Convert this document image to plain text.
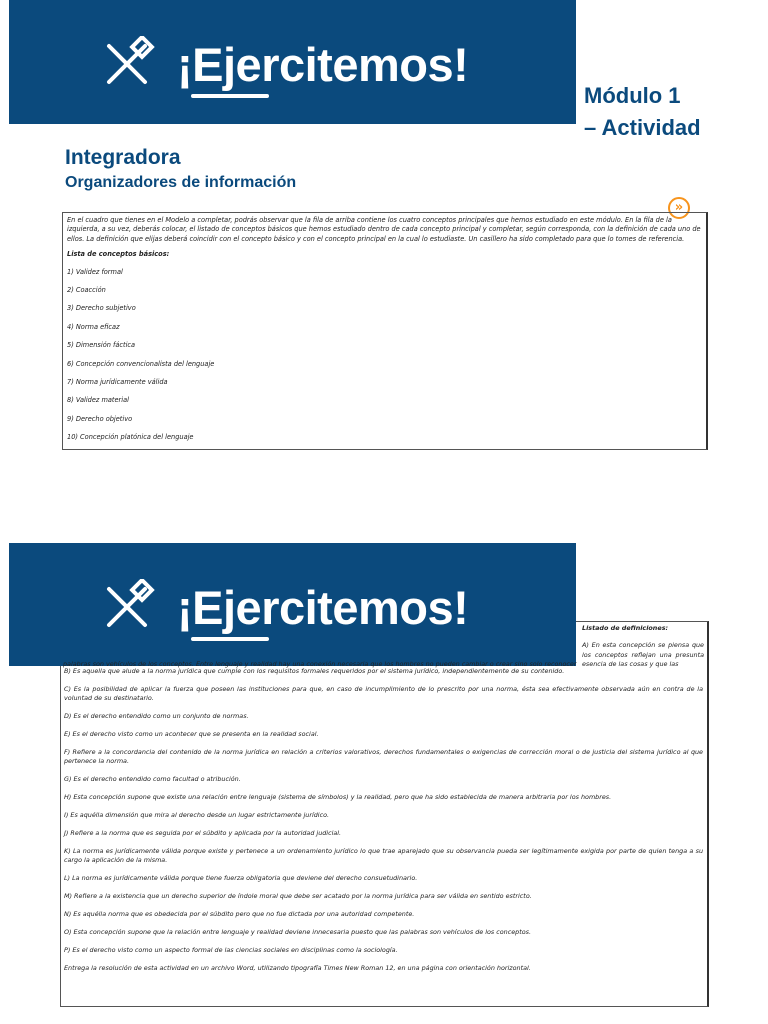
¡Ejercitemos!
Módulo 1
– Actividad
Integradora
Organizadores de información
»

En el cuadro que tienes en el Modelo a completar, podrás observar que la fila de arriba contiene los cuatro conceptos principales que hemos estudiado en este módulo. En la fila de la izquierda, a su vez, deberás colocar, el listado de conceptos básicos que hemos estudiado dentro de cada concepto principal y completar, según corresponda, con la definición de cada uno de ellos. La definición que elijas deberá coincidir con el concepto básico y con el concepto principal en la cual lo estudiaste. Un casillero ha sido completado para que lo tomes de referencia.

Lista de conceptos básicos:

1) Validez formal

2) Coacción

3) Derecho subjetivo

4) Norma eficaz

5) Dimensión fáctica

6) Concepción convencionalista del lenguaje

7) Norma jurídicamente válida

8) Validez material

9) Derecho objetivo

10) Concepción platónica del lenguaje

B) Es aquella que alude a la norma jurídica que cumple con los requisitos formales requeridos por el sistema jurídico, independientemente de su contenido.

C) Es la posibilidad de aplicar la fuerza que poseen las instituciones para que, en caso de incumplimiento de lo prescrito por una norma, ésta sea efectivamente observada aún en contra de la voluntad de su destinatario.

D) Es el derecho entendido como un conjunto de normas.

E) Es el derecho visto como un acontecer que se presenta en la realidad social.

F) Refiere a la concordancia del contenido de la norma jurídica en relación a criterios valorativos, derechos fundamentales o exigencias de corrección moral o de justicia del sistema jurídico al que pertenece la norma.

G) Es el derecho entendido como facultad o atribución.

H) Esta concepción supone que existe una relación entre lenguaje (sistema de símbolos) y la realidad, pero que ha sido establecida de manera arbitraria por los hombres.

I) Es aquélla dimensión que mira al derecho desde un lugar estrictamente jurídico.

J) Refiere a la norma que es seguida por el súbdito y aplicada por la autoridad judicial.

K) La norma es jurídicamente válida porque existe y pertenece a un ordenamiento jurídico lo que trae aparejado que su observancia pueda ser legítimamente exigida por parte de quien tenga a su cargo la aplicación de la misma.

L) La norma es jurídicamente válida porque tiene fuerza obligatoria que deviene del derecho consuetudinario.

M) Refiere a la existencia que un derecho superior de índole moral que debe ser acatado por la norma jurídica para ser válida en sentido estricto.

N) Es aquélla norma que es obedecida por el súbdito pero que no fue dictada por una autoridad competente.

O) Esta concepción supone que la relación entre lenguaje y realidad deviene innecesaria puesto que las palabras son vehículos de los conceptos.

P) Es el derecho visto como un aspecto formal de las ciencias sociales en disciplinas como la sociología.

Entrega la resolución de esta actividad en un archivo Word, utilizando tipografía Times New Roman 12, en una página con orientación horizontal.

¡Ejercitemos!	Listado de definiciones:
A) En esta concepción se piensa que los conceptos reflejan una presunta esencia de las cosas y que las
palabras son vehículos de los conceptos. Entre lenguaje y realidad hay una conexión necesaria que los hombres no pueden cambiar o crear sino solo reconocer
